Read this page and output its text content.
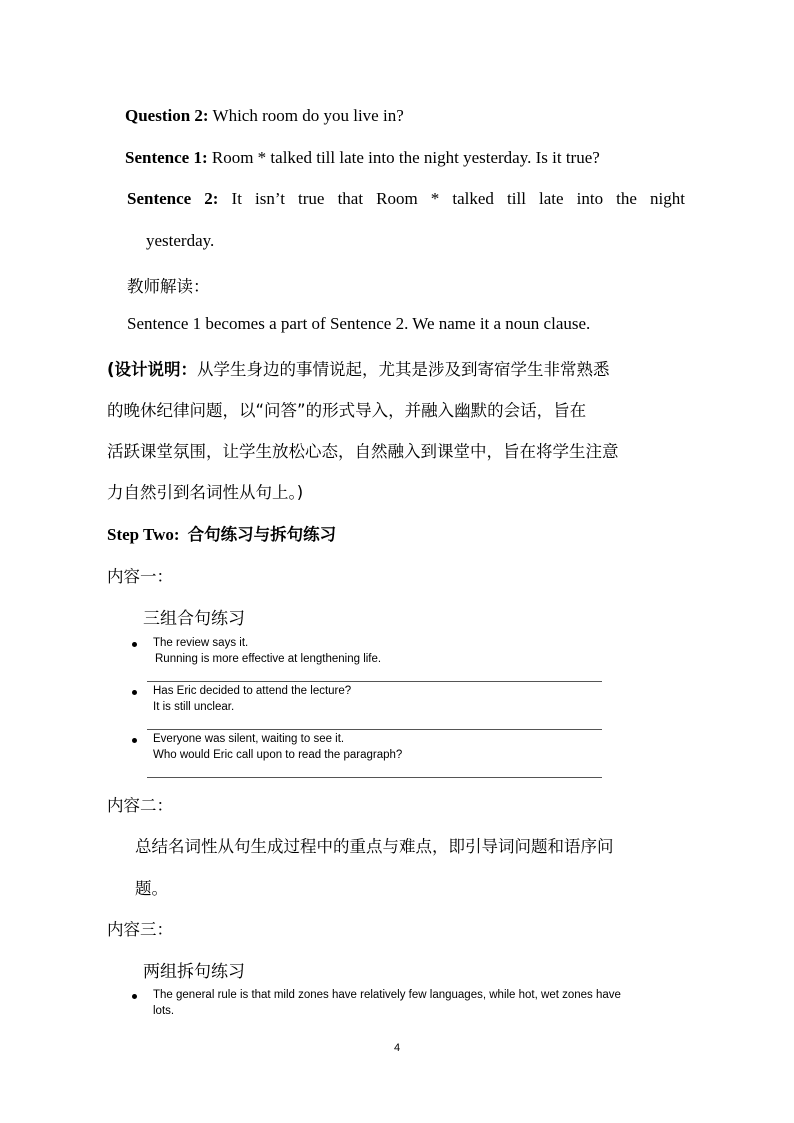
Question 2: Which room do you live in?
Sentence 1: Room * talked till late into the night yesterday. Is it true?
Sentence 2: It isn’t true that Room * talked till late into the night
yesterday.
教师解读：
Sentence 1 becomes a part of Sentence 2. We name it a noun clause.
(设计说明：从学生身边的事情说起，尤其是涉及到寄宿学生非常熟悉
的晚休纪律问题，以“问答”的形式导入，并融入幽默的会话，旨在
活跃课堂氛围，让学生放松心态，自然融入到课堂中，旨在将学生注意
力自然引到名词性从句上。)
Step Two: 合句练习与拆句练习
内容一：
三组合句练习
The review says it.
Running is more effective at lengthening life.
Has Eric decided to attend the lecture?
It is still unclear.
Everyone was silent, waiting to see it.
Who would Eric call upon to read the paragraph?
内容二：
总结名词性从句生成过程中的重点与难点，即引导词问题和语序问
题。
内容三：
两组拆句练习
The general rule is that mild zones have relatively few languages, while hot, wet zones have
lots.
4
